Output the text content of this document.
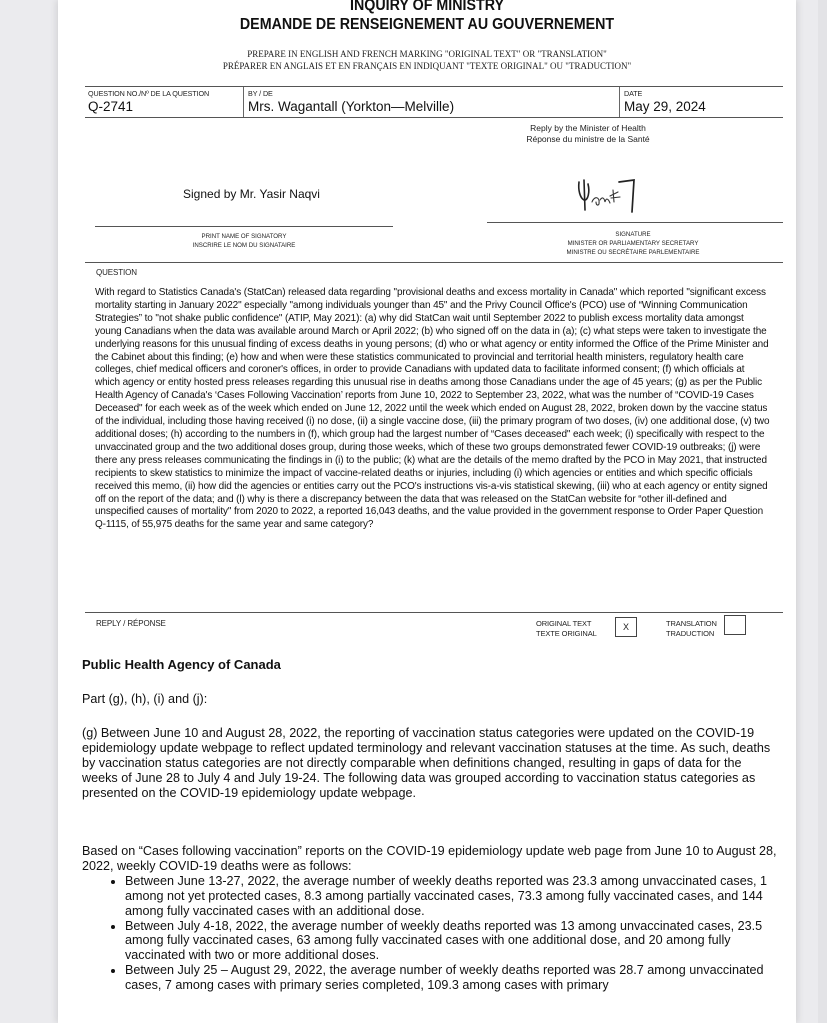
INQUIRY OF MINISTRY
DEMANDE DE RENSEIGNEMENT AU GOUVERNEMENT
PREPARE IN ENGLISH AND FRENCH MARKING "ORIGINAL TEXT" OR "TRANSLATION"
PRÉPARER EN ANGLAIS ET EN FRANÇAIS EN INDIQUANT "TEXTE ORIGINAL" OU "TRADUCTION"
QUESTION NO./Nº DE LA QUESTION
Q-2741
BY / DE
Mrs. Wagantall (Yorkton—Melville)
DATE
May 29, 2024
Reply by the Minister of Health
Réponse du ministre de la Santé
Signed by Mr. Yasir Naqvi
PRINT NAME OF SIGNATORY
INSCRIRE LE NOM DU SIGNATAIRE
SIGNATURE
MINISTER OR PARLIAMENTARY SECRETARY
MINISTRE OU SECRÉTAIRE PARLEMENTAIRE
QUESTION
With regard to Statistics Canada's (StatCan) released data regarding "provisional deaths and excess mortality in Canada" which reported "significant excess mortality starting in January 2022" especially "among individuals younger than 45" and the Privy Council Office's (PCO) use of “Winning Communication Strategies” to "not shake public confidence" (ATIP, May 2021): (a) why did StatCan wait until September 2022 to publish excess mortality data amongst young Canadians when the data was available around March or April 2022; (b) who signed off on the data in (a); (c) what steps were taken to investigate the underlying reasons for this unusual finding of excess deaths in young persons; (d) who or what agency or entity informed the Office of the Prime Minister and the Cabinet about this finding; (e) how and when were these statistics communicated to provincial and territorial health ministers, regulatory health care colleges, chief medical officers and coroner's offices, in order to provide Canadians with updated data to facilitate informed consent; (f) which officials at which agency or entity hosted press releases regarding this unusual rise in deaths among those Canadians under the age of 45 years; (g) as per the Public Health Agency of Canada's ‘Cases Following Vaccination’ reports from June 10, 2022 to September 23, 2022, what was the number of “COVID-19 Cases Deceased" for each week as of the week which ended on June 12, 2022 until the week which ended on August 28, 2022, broken down by the vaccine status of the individual, including those having received (i) no dose, (ii) a single vaccine dose, (iii) the primary program of two doses, (iv) one additional dose, (v) two additional doses; (h) according to the numbers in (f), which group had the largest number of “Cases deceased" each week; (i) specifically with respect to the unvaccinated group and the two additional doses group, during those weeks, which of these two groups demonstrated fewer COVID-19 outbreaks; (j) were there any press releases communicating the findings in (i) to the public; (k) what are the details of the memo drafted by the PCO in May 2021, that instructed recipients to skew statistics to minimize the impact of vaccine-related deaths or injuries, including (i) which agencies or entities and which specific officials received this memo, (ii) how did the agencies or entities carry out the PCO's instructions vis-a-vis statistical skewing, (iii) who at each agency or entity signed off on the report of the data; and (l) why is there a discrepancy between the data that was released on the StatCan website for “other ill-defined and unspecified causes of mortality" from 2020 to 2022, a reported 16,043 deaths, and the value provided in the government response to Order Paper Question Q-1115, of 55,975 deaths for the same year and same category?
REPLY / RÉPONSE	ORIGINAL TEXT
TEXTE ORIGINAL
X	TRANSLATION
TRADUCTION
Public Health Agency of Canada
Part (g), (h), (i) and (j):
(g) Between June 10 and August 28, 2022, the reporting of vaccination status categories were updated on the COVID-19 epidemiology update webpage to reflect updated terminology and relevant vaccination statuses at the time. As such, deaths by vaccination status categories are not directly comparable when definitions changed, resulting in gaps of data for the weeks of June 28 to July 4 and July 19-24. The following data was grouped according to vaccination status categories as presented on the COVID-19 epidemiology update webpage.
Based on “Cases following vaccination” reports on the COVID-19 epidemiology update web page from June 10 to August 28, 2022, weekly COVID-19 deaths were as follows:
• Between June 13-27, 2022, the average number of weekly deaths reported was 23.3 among unvaccinated cases, 1 among not yet protected cases, 8.3 among partially vaccinated cases, 73.3 among fully vaccinated cases, and 144 among fully vaccinated cases with an additional dose.
• Between July 4-18, 2022, the average number of weekly deaths reported was 13 among unvaccinated cases, 23.5 among fully vaccinated cases, 63 among fully vaccinated cases with one additional dose, and 20 among fully vaccinated with two or more additional doses.
• Between July 25 – August 29, 2022, the average number of weekly deaths reported was 28.7 among unvaccinated cases, 7 among cases with primary series completed, 109.3 among cases with primary
